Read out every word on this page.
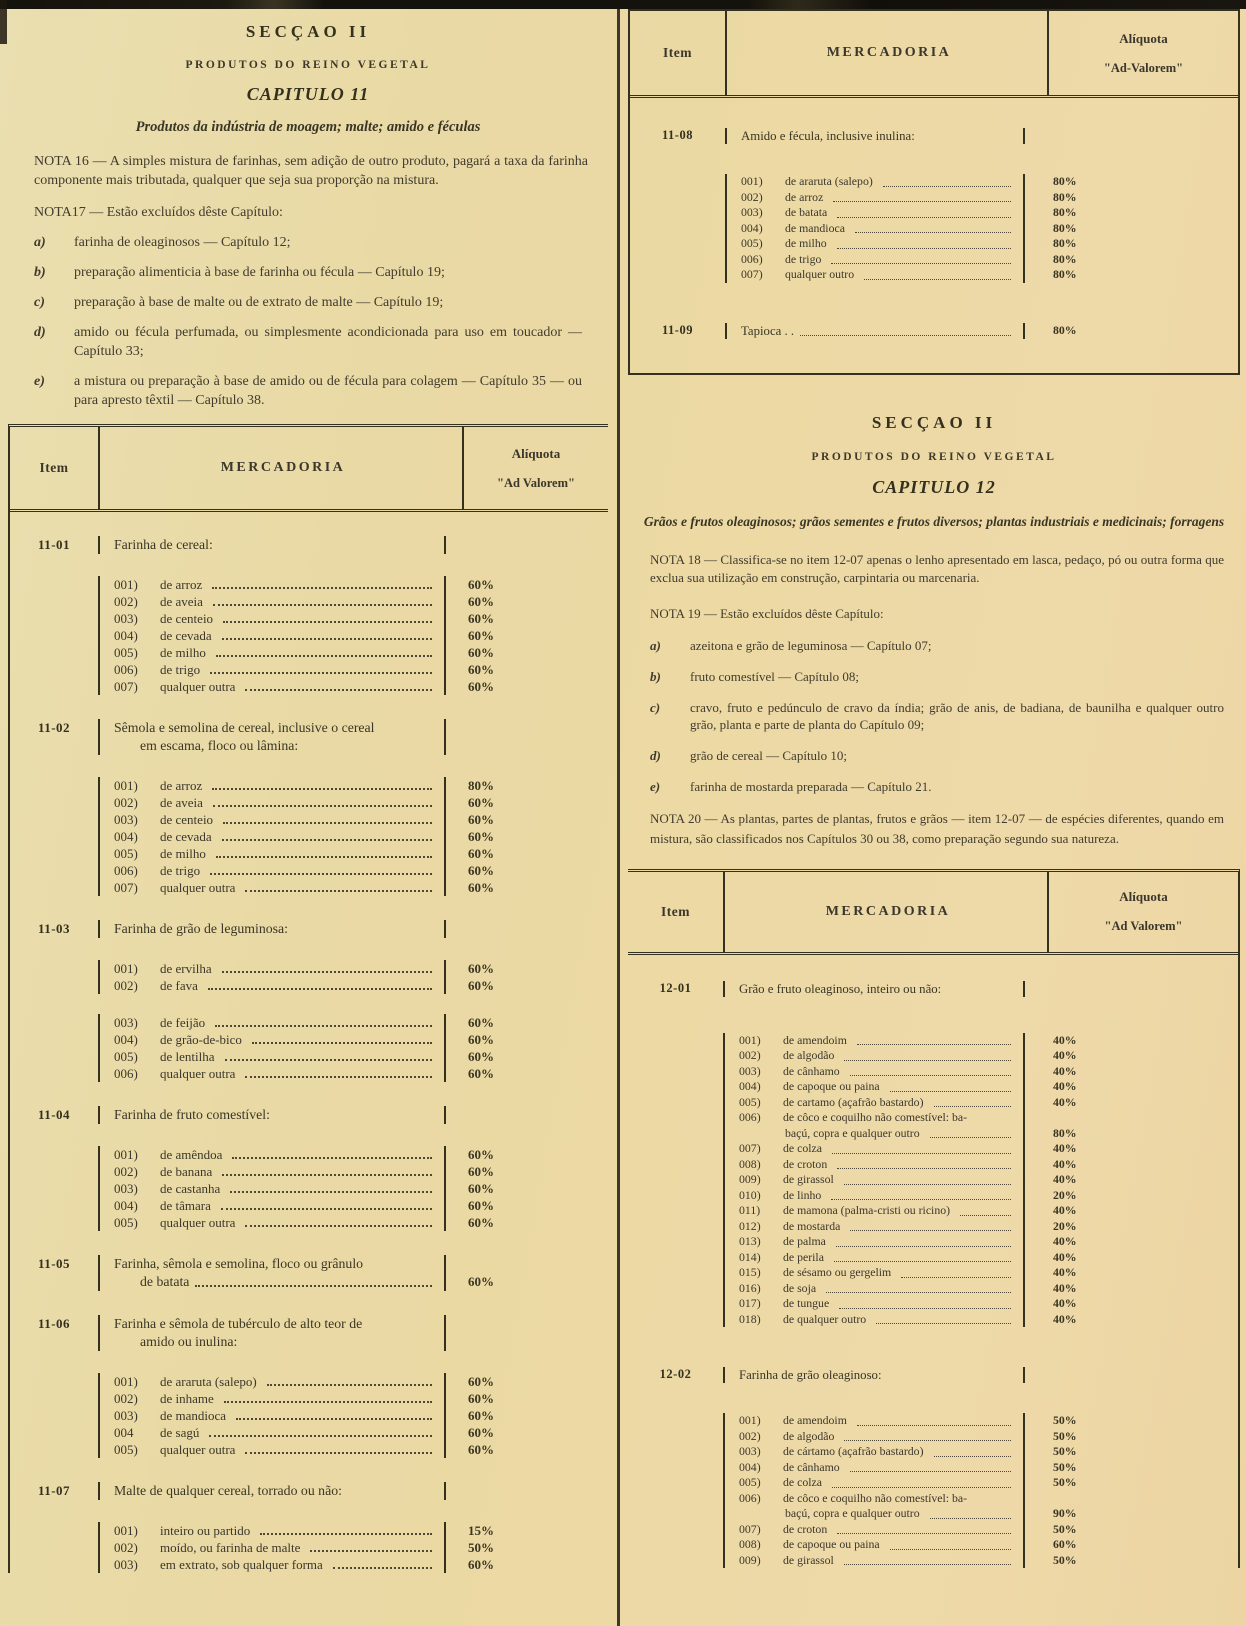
SECÇAO II
PRODUTOS DO REINO VEGETAL
CAPITULO 11
Produtos da indústria de moagem; malte; amido e féculas

NOTA 16 — A simples mistura de farinhas, sem adição de outro produto, pagará a taxa da farinha componente mais tributada, qualquer que seja sua proporção na mistura.

NOTA17 — Estão excluídos dêste Capítulo:

a)	farinha de oleaginosos — Capítulo 12;
b)	preparação alimenticia à base de farinha ou fécula — Capítulo 19;
c)	preparação à base de malte ou de extrato de malte — Capítulo 19;
d)	amido ou fécula perfumada, ou simplesmente acondicionada para uso em toucador — Capítulo 33;
e)	a mistura ou preparação à base de amido ou de fécula para colagem — Capítulo 35 — ou para apresto têxtil — Capítulo 38.
Item	MERCADORIA
Alíquota
"Ad Valorem"
11-01	Farinha de cereal:
001)	de arroz	60%
002)	de aveia	60%
003)	de centeio	60%
004)	de cevada	60%
005)	de milho	60%
006)	de trigo	60%
007)	qualquer outra	60%
11-02	Sêmola e semolina de cereal, inclusive o cereal
em escama, floco ou lâmina:
001)	de arroz	80%
002)	de aveia	60%
003)	de centeio	60%
004)	de cevada	60%
005)	de milho	60%
006)	de trigo	60%
007)	qualquer outra	60%
11-03	Farinha de grão de leguminosa:
001)	de ervilha	60%
002)	de fava	60%
003)	de feijão	60%
004)	de grão-de-bico	60%
005)	de lentilha	60%
006)	qualquer outra	60%
11-04	Farinha de fruto comestível:
001)	de amêndoa	60%
002)	de banana	60%
003)	de castanha	60%
004)	de tâmara	60%
005)	qualquer outra	60%
11-05	Farinha, sêmola e semolina, floco ou grânulo
de batata	60%
11-06	Farinha e sêmola de tubérculo de alto teor de
amido ou inulina:
001)	de araruta (salepo)	60%
002)	de inhame	60%
003)	de mandioca	60%
004	de sagú	60%
005)	qualquer outra	60%
11-07	Malte de qualquer cereal, torrado ou não:
001)	inteiro ou partido	15%
002)	moído, ou farinha de malte	50%
003)	em extrato, sob qualquer forma	60%
Item	MERCADORIA
Alíquota
"Ad-Valorem"
11-08	Amido e fécula, inclusive inulina:
001)	de araruta (salepo)	80%
002)	de arroz	80%
003)	de batata	80%
004)	de mandioca	80%
005)	de milho	80%
006)	de trigo	80%
007)	qualquer outro	80%
11-09	Tapioca . .	80%
SECÇAO II
PRODUTOS DO REINO VEGETAL
CAPITULO 12
Grãos e frutos oleaginosos; grãos sementes e frutos diversos; plantas industriais e medicinais; forragens

NOTA 18 — Classifica-se no item 12-07 apenas o lenho apresentado em lasca, pedaço, pó ou outra forma que exclua sua utilização em construção, carpintaria ou marcenaria.

NOTA 19 — Estão excluídos dêste Capítulo:

a)	azeitona e grão de leguminosa — Capítulo 07;
b)	fruto comestível — Capítulo 08;
c)	cravo, fruto e pedúnculo de cravo da índia; grão de anis, de badiana, de baunilha e qualquer outro grão, planta e parte de planta do Capítulo 09;
d)	grão de cereal — Capítulo 10;
e)	farinha de mostarda preparada — Capítulo 21.

NOTA 20 — As plantas, partes de plantas, frutos e grãos — item 12-07 — de espécies diferentes, quando em mistura, são classificados nos Capítulos 30 ou 38, como preparação segundo sua natureza.

Item	MERCADORIA
Alíquota
"Ad Valorem"
12-01	Grão e fruto oleaginoso, inteiro ou não:
001)	de amendoim	40%
002)	de algodão	40%
003)	de cânhamo	40%
004)	de capoque ou paina	40%
005)	de cartamo (açafrão bastardo)	40%
006)	de côco e coquilho não comestível: ba-
baçú, copra e qualquer outro	80%
007)	de colza	40%
008)	de croton	40%
009)	de girassol	40%
010)	de linho	20%
011)	de mamona (palma-cristi ou ricino)	40%
012)	de mostarda	20%
013)	de palma	40%
014)	de perila	40%
015)	de sésamo ou gergelim	40%
016)	de soja	40%
017)	de tungue	40%
018)	de qualquer outro	40%
12-02	Farinha de grão oleaginoso:
001)	de amendoim	50%
002)	de algodão	50%
003)	de cártamo (açafrão bastardo)	50%
004)	de cânhamo	50%
005)	de colza	50%
006)	de côco e coquilho não comestível: ba-
baçú, copra e qualquer outro	90%
007)	de croton	50%
008)	de capoque ou paina	60%
009)	de girassol	50%
